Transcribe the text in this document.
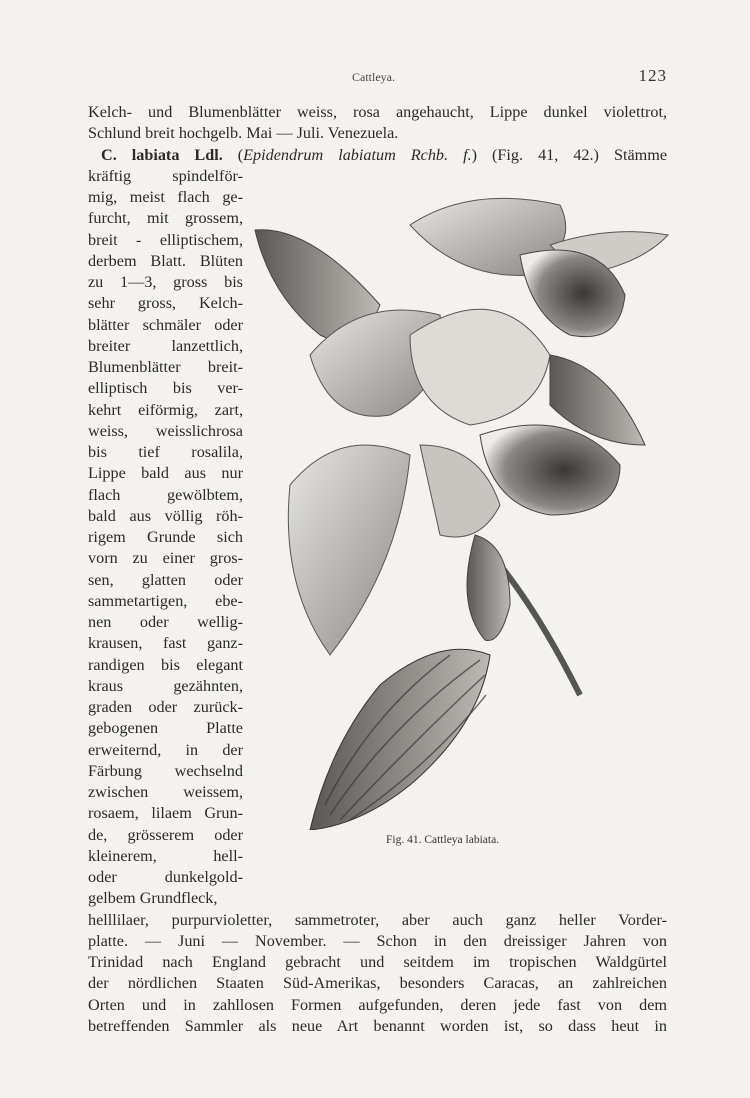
Cattleya.	123
Kelch- und Blumenblätter weiss, rosa angehaucht, Lippe dunkel violettrot,
Schlund breit hochgelb. Mai — Juli. Venezuela.
C. labiata Ldl. (Epidendrum labiatum Rchb. f.) (Fig. 41, 42.) Stämme
kräftig spindelför-
mig, meist flach ge-
furcht, mit grossem,
breit - elliptischem,
derbem Blatt. Blüten
zu 1—3, gross bis
sehr gross, Kelch-
blätter schmäler oder
breiter lanzettlich,
Blumenblätter breit-
elliptisch bis ver-
kehrt eiförmig, zart,
weiss, weisslichrosa
bis tief rosalila,
Lippe bald aus nur
flach gewölbtem,
bald aus völlig röh-
rigem Grunde sich
vorn zu einer gros-
sen, glatten oder
sammetartigen, ebe-
nen oder wellig-
krausen, fast ganz-
randigen bis elegant
kraus gezähnten,
graden oder zurück-
gebogenen Platte
erweiternd, in der
Färbung wechselnd
zwischen weissem,
rosaem, lilaem Grun-
de, grösserem oder
kleinerem, hell-
oder dunkelgold-
gelbem Grundfleck,
helllilaer, purpurvioletter, sammetroter, aber auch ganz heller Vorder-
platte. — Juni — November. — Schon in den dreissiger Jahren von
Trinidad nach England gebracht und seitdem im tropischen Waldgürtel
der nördlichen Staaten Süd-Amerikas, besonders Caracas, an zahlreichen
Orten und in zahllosen Formen aufgefunden, deren jede fast von dem
betreffenden Sammler als neue Art benannt worden ist, so dass heut in
Fig. 41. Cattleya labiata.
